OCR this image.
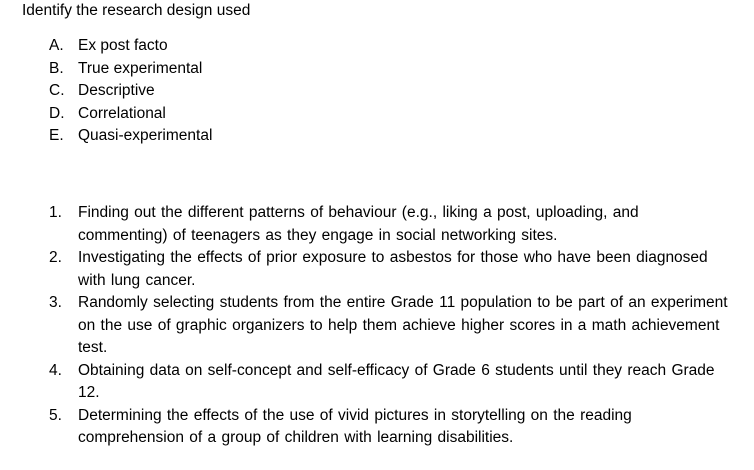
Identify the research design used
A. Ex post facto
B. True experimental
C. Descriptive
D. Correlational
E. Quasi-experimental
1.	Finding out the different patterns of behaviour (e.g., liking a post, uploading, and commenting) of teenagers as they engage in social networking sites.
2.	Investigating the effects of prior exposure to asbestos for those who have been diagnosed with lung cancer.
3.	Randomly selecting students from the entire Grade 11 population to be part of an experiment on the use of graphic organizers to help them achieve higher scores in a math achievement test.
4.	Obtaining data on self-concept and self-efficacy of Grade 6 students until they reach Grade 12.
5.	Determining the effects of the use of vivid pictures in storytelling on the reading comprehension of a group of children with learning disabilities.
